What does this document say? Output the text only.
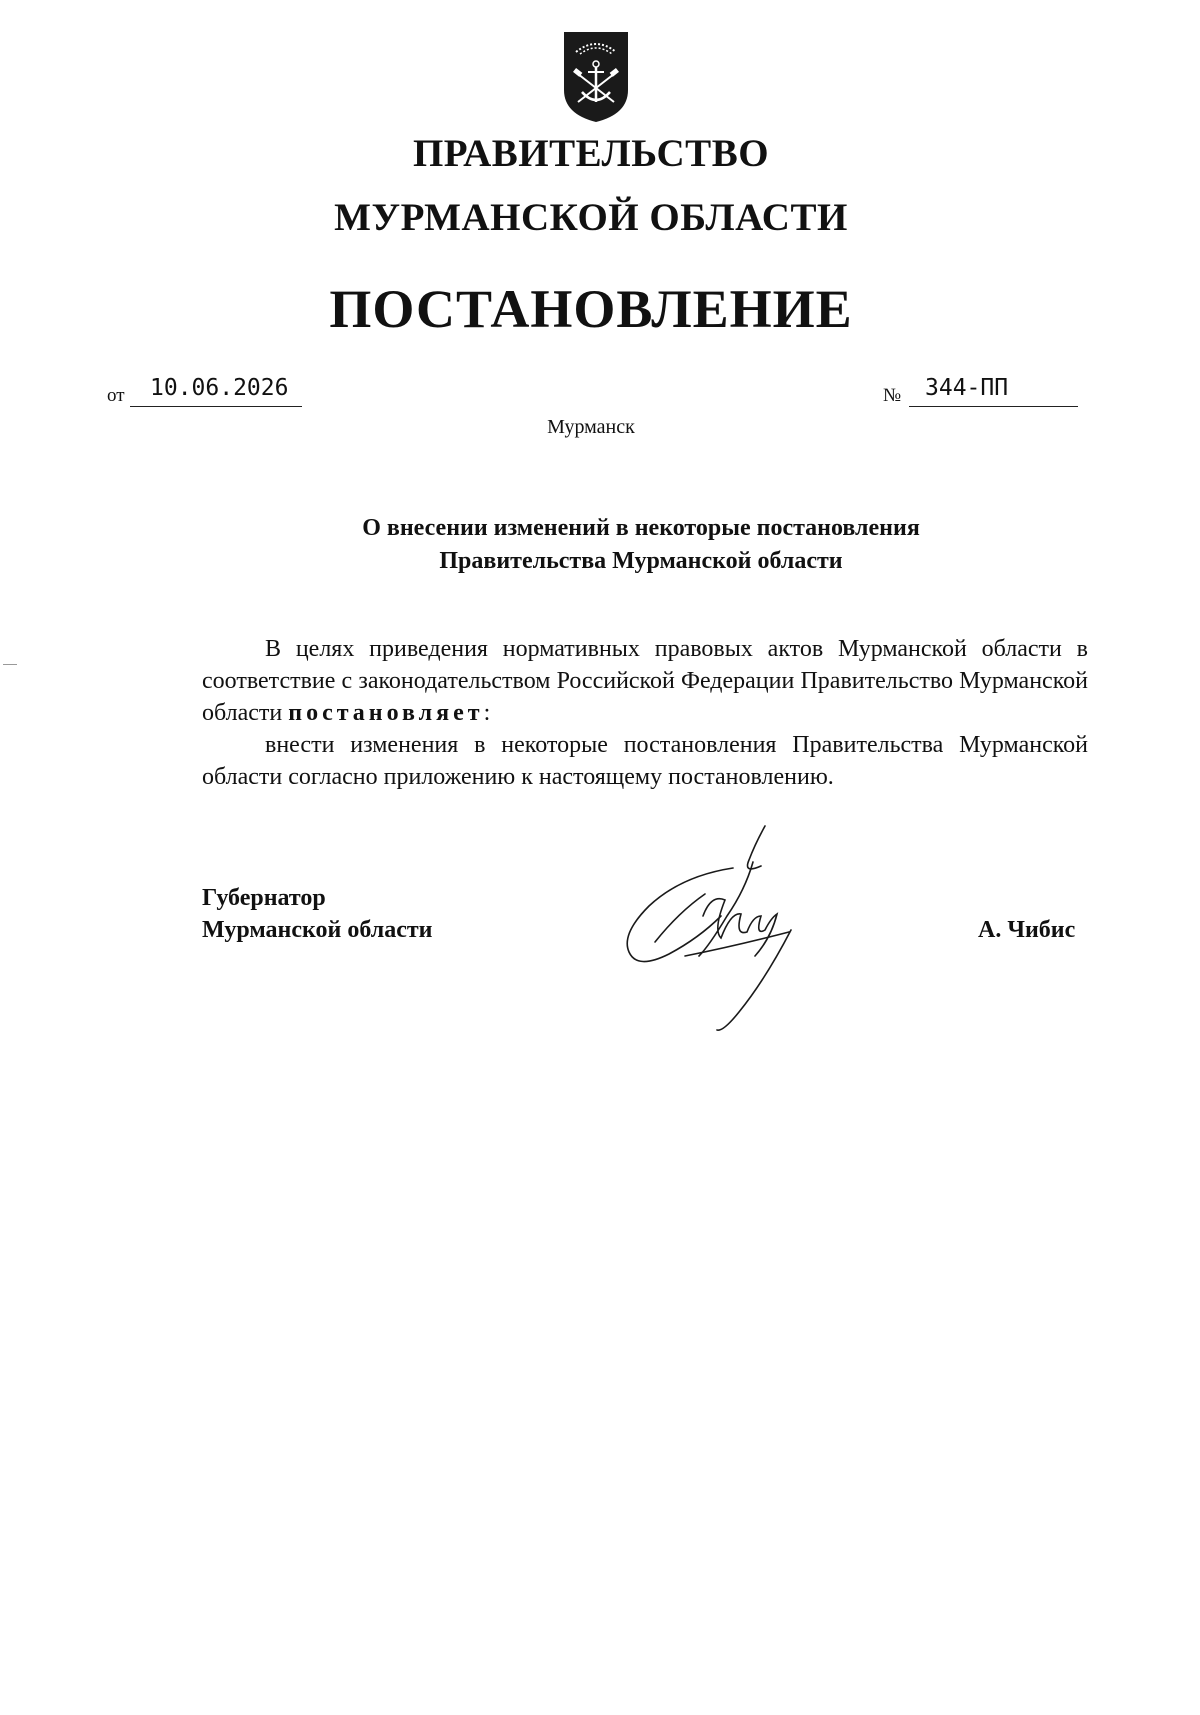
ПРАВИТЕЛЬСТВО
МУРМАНСКОЙ ОБЛАСТИ
ПОСТАНОВЛЕНИЕ
от	10.06.2026	№	344-ПП
Мурманск
О внесении изменений в некоторые постановления
Правительства Мурманской области

В целях приведения нормативных правовых актов Мурманской области в соответствие с законодательством Российской Федерации Правительство Мурманской области постановляет:

внести изменения в некоторые постановления Правительства Мурманской области согласно приложению к настоящему постановлению.

Губернатор
Мурманской области	А. Чибис
